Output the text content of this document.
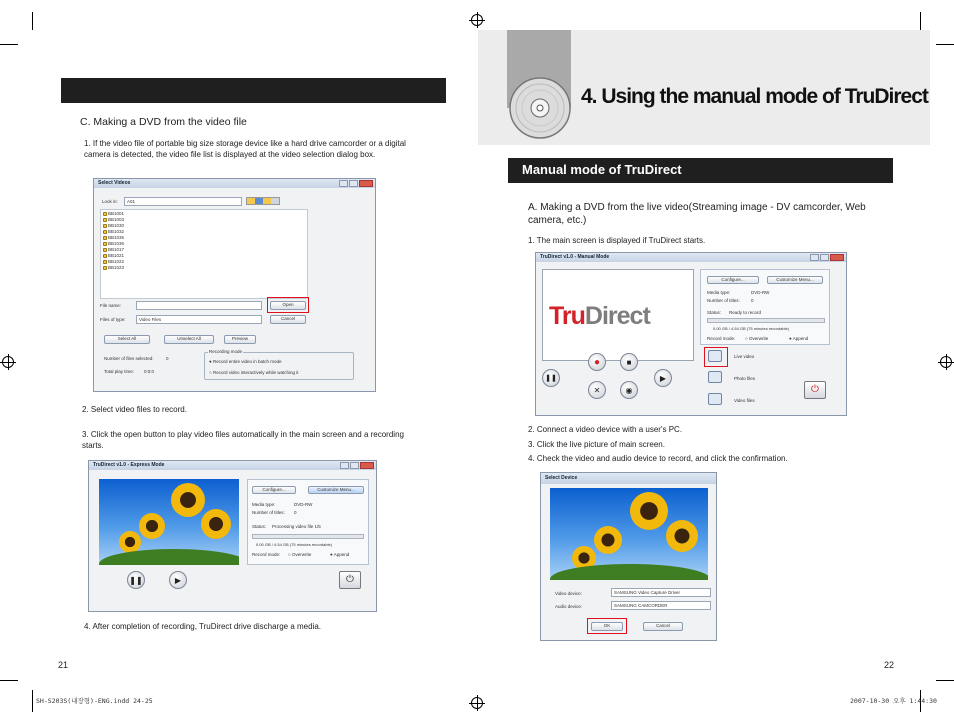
C. Making a DVD from the video file
1. If the video file of portable big size storage device like a hard drive camcorder or a digital camera is detected, the video file list is displayed at the video selection dialog box.
Select Videos
Look in:	A01
BB1001
BB1003
BB1030
BB1032
BB1035
BB1036
BB1017
BB1021
BB1022
BB1023
File name:
Files of type:	Video Files
Open
Cancel
Select All	Unselect All	Preview
Number of files selected:	0
Total play time: 0:0:0
Recording mode
● Record entire video in batch mode
○ Record video interactively while watching it
2. Select video files to record.
3. Click the open button to play video files automatically in the main screen and a recording starts.
TruDirect v1.0 - Express Mode
Configure...	Customize Menu...
Media type:	DVD-RW
Number of titles: 0
Status: Processing video file 1/5
0.00 GB / 4.54 GB (75 minutes recordable)
Record mode: ○ Overwrite	● Append
❚❚	▶	⏻
4. After completion of recording, TruDirect drive discharge a media.
21
4. Using the manual mode of TruDirect
Manual mode of TruDirect
A. Making a DVD from the live video(Streaming image - DV camcorder, Web camera, etc.)
1. The main screen is displayed if TruDirect starts.
TruDirect v1.0 - Manual Mode
TruDirect
Configure...	Customize Menu...
Media type:	DVD-RW
Number of titles: 0
Status: Ready to record
0.00 GB / 4.54 GB (75 minutes recordable)
Record mode: ○ Overwrite	● Append
●	■
❚❚
✕	◉
▶
Live video
Photo files
Video files
⏻
2. Connect a video device with a user's PC.
3. Click the live picture of main screen.
4. Check the video and audio device to record, and click the confirmation.
Select Device
Video device:	SAMSUNG Video Capture Driver
Audio device:	SAMSUNG CAMCORDER
OK	Cancel
22
SH-S203S(내장형)-ENG.indd 24-25	2007-10-30 오후 1:44:30
